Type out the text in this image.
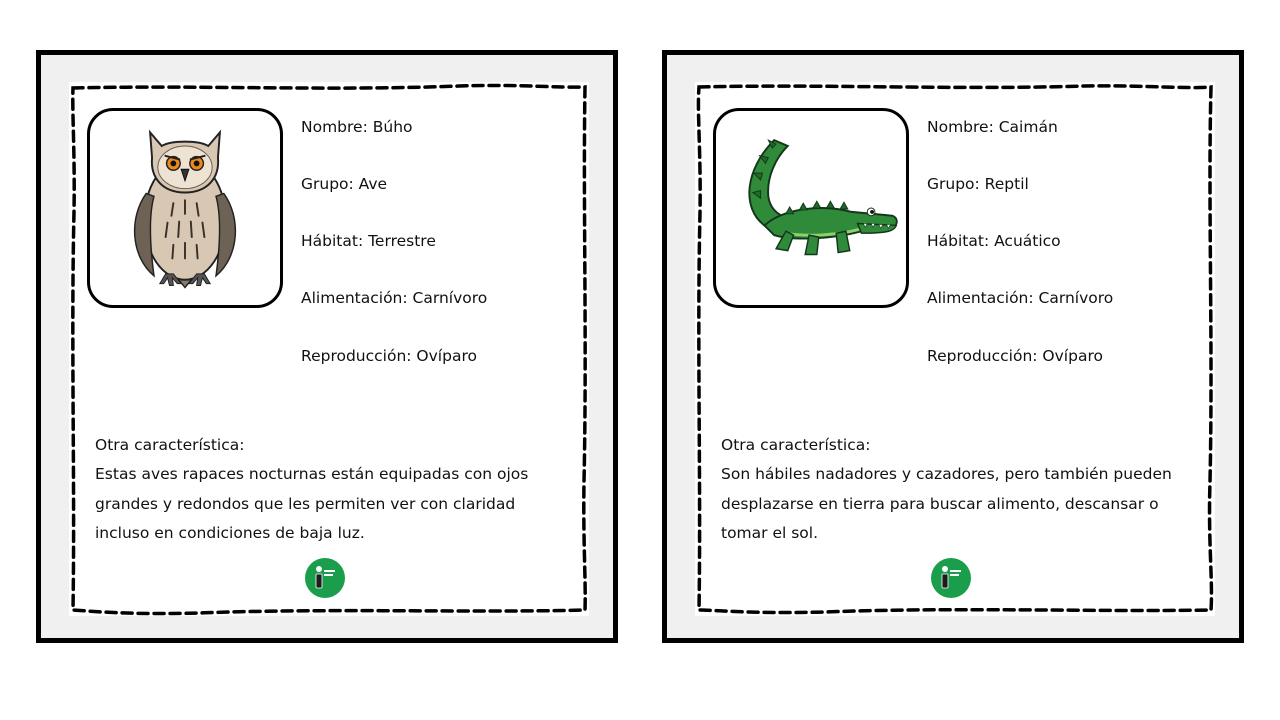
Nombre: Búho
Grupo: Ave
Hábitat: Terrestre
Alimentación: Carnívoro
Reproducción: Ovíparo
Otra característica:
Estas aves rapaces nocturnas están equipadas con ojos grandes y redondos que les permiten ver con claridad incluso en condiciones de baja luz.
Nombre: Caimán
Grupo: Reptil
Hábitat: Acuático
Alimentación: Carnívoro
Reproducción: Ovíparo
Otra característica:
Son hábiles nadadores y cazadores, pero también pueden desplazarse en tierra para buscar alimento, descansar o tomar el sol.
